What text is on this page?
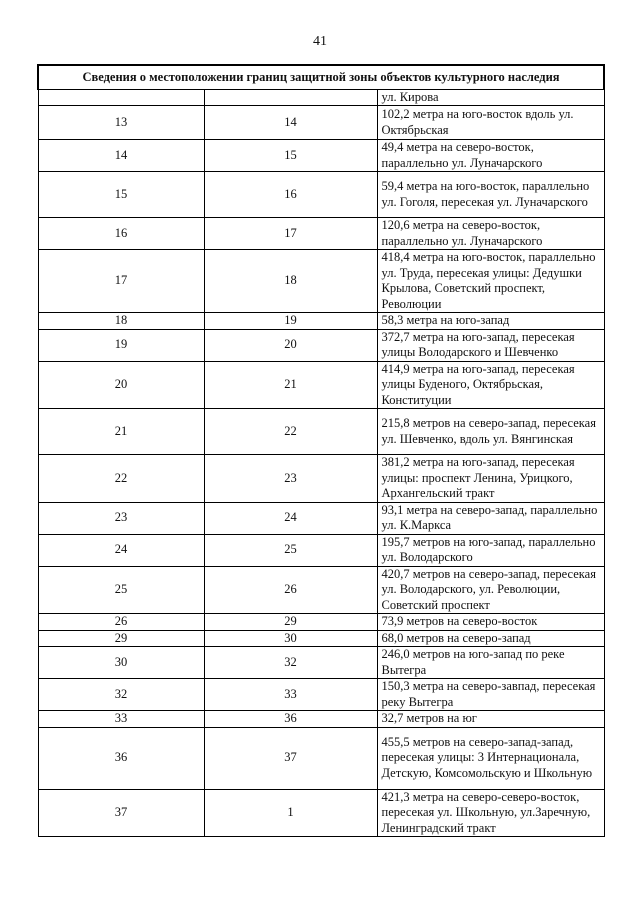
41
Сведения о местоположении границ защитной зоны объектов культурного наследия		
		ул. Кирова
13	14	102,2 метра на юго-восток вдоль ул. Октябрьская
14	15	49,4 метра на северо-восток, параллельно ул. Луначарского
15	16	59,4 метра на юго-восток, параллельно ул. Гоголя, пересекая ул. Луначарского
16	17	120,6 метра на северо-восток, параллельно ул. Луначарского
17	18	418,4 метра на юго-восток, параллельно ул. Труда, пересекая улицы: Дедушки Крылова, Советский проспект, Революции
18	19	58,3 метра на юго-запад
19	20	372,7 метра на юго-запад, пересекая улицы Володарского и Шевченко
20	21	414,9 метра на юго-запад, пересекая улицы Буденого, Октябрьская, Конституции
21	22	215,8 метров на северо-запад, пересекая ул. Шевченко, вдоль ул. Вянгинская
22	23	381,2 метра на юго-запад, пересекая улицы: проспект Ленина, Урицкого, Архангельский тракт
23	24	93,1 метра на северо-запад, параллельно ул. К.Маркса
24	25	195,7 метров на юго-запад, параллельно ул. Володарского
25	26	420,7 метров на северо-запад, пересекая ул. Володарского, ул. Революции, Советский проспект
26	29	73,9 метров на северо-восток
29	30	68,0 метров на северо-запад
30	32	246,0 метров на юго-запад по реке Вытегра
32	33	150,3 метра на северо-завпад, пересекая реку Вытегра
33	36	32,7 метров на юг
36	37	455,5 метров на северо-запад-запад, пересекая улицы: 3 Интернационала, Детскую, Комсомольскую и Школьную
37	1	421,3 метра на северо-северо-восток, пересекая ул. Школьную, ул.Заречную, Ленинградский тракт
